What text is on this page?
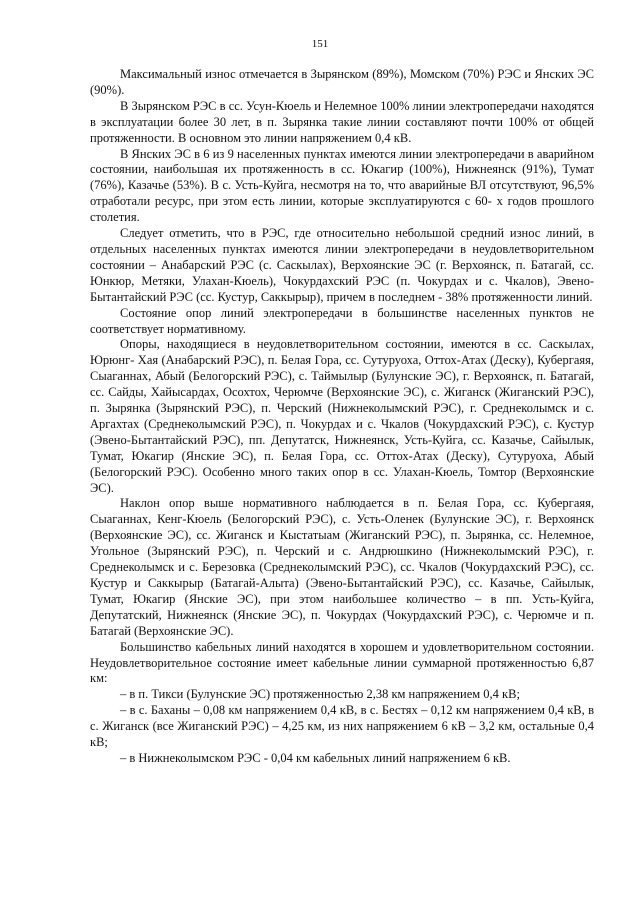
151

Максимальный износ отмечается в Зырянском (89%), Момском (70%) РЭС и Янских ЭС (90%).

В Зырянском РЭС в сс. Усун-Кюель и Нелемное 100% линии электропередачи находятся в эксплуатации более 30 лет, в п. Зырянка такие линии составляют почти 100% от общей протяженности. В основном это линии напряжением 0,4 кВ.

В Янских ЭС в 6 из 9 населенных пунктах имеются линии электропередачи в аварийном состоянии, наибольшая их протяженность в сс. Юкагир (100%), Нижнеянск (91%), Тумат (76%), Казачье (53%). В с. Усть-Куйга, несмотря на то, что аварийные ВЛ отсутствуют, 96,5% отработали ресурс, при этом есть линии, которые эксплуатируются с 60- х годов прошлого столетия.

Следует отметить, что в РЭС, где относительно небольшой средний износ линий, в отдельных населенных пунктах имеются линии электропередачи в неудовлетворительном состоянии – Анабарский РЭС (с. Саскылах), Верхоянские ЭС (г. Верхоянск, п. Батагай, сс. Юнкюр, Метяки, Улахан-Кюель), Чокурдахский РЭС (п. Чокурдах и с. Чкалов), Эвено-Бытантайский РЭС (сс. Кустур, Саккырыр), причем в последнем - 38% протяженности линий.

Состояние опор линий электропередачи в большинстве населенных пунктов не соответствует нормативному.

Опоры, находящиеся в неудовлетворительном состоянии, имеются в сс. Саскылах, Юрюнг- Хая (Анабарский РЭС), п. Белая Гора, сс. Сутуруоха, Оттох-Атах (Деску), Кубергаяя, Сыаганнах, Абый (Белогорский РЭС), с. Таймылыр (Булунские ЭС), г. Верхоянск, п. Батагай, сс. Сайды, Хайысардах, Осохтох, Черюмче (Верхоянские ЭС), с. Жиганск (Жиганский РЭС), п. Зырянка (Зырянский РЭС), п. Черский (Нижнеколымский РЭС), г. Среднеколымск и с. Аргахтах (Среднеколымский РЭС), п. Чокурдах и с. Чкалов (Чокурдахский РЭС), с. Кустур (Эвено-Бытантайский РЭС), пп. Депутатск, Нижнеянск, Усть-Куйга, сс. Казачье, Сайылык, Тумат, Юкагир (Янские ЭС), п. Белая Гора, сс. Оттох-Атах (Деску), Сутуруоха, Абый (Белогорский РЭС). Особенно много таких опор в сс. Улахан-Кюель, Томтор (Верхоянские ЭС).

Наклон опор выше нормативного наблюдается в п. Белая Гора, сс. Кубергаяя, Сыаганнах, Кенг-Кюель (Белогорский РЭС), с. Усть-Оленек (Булунские ЭС), г. Верхоянск (Верхоянские ЭС), сс. Жиганск и Кыстатыам (Жиганский РЭС), п. Зырянка, сс. Нелемное, Угольное (Зырянский РЭС), п. Черский и с. Андрюшкино (Нижнеколымский РЭС), г. Среднеколымск и с. Березовка (Среднеколымский РЭС), сс. Чкалов (Чокурдахский РЭС), сс. Кустур и Саккырыр (Батагай-Алыта) (Эвено-Бытантайский РЭС), сс. Казачье, Сайылык, Тумат, Юкагир (Янские ЭС), при этом наибольшее количество – в пп. Усть-Куйга, Депутатский, Нижнеянск (Янские ЭС), п. Чокурдах (Чокурдахский РЭС), с. Черюмче и п. Батагай (Верхоянские ЭС).

Большинство кабельных линий находятся в хорошем и удовлетворительном состоянии. Неудовлетворительное состояние имеет кабельные линии суммарной протяженностью 6,87 км:

– в п. Тикси (Булунские ЭС) протяженностью 2,38 км напряжением 0,4 кВ;

– в с. Баханы – 0,08 км напряжением 0,4 кВ, в с. Бестях – 0,12 км напряжением 0,4 кВ, в с. Жиганск (все Жиганский РЭС) – 4,25 км, из них напряжением 6 кВ – 3,2 км, остальные 0,4 кВ;

– в Нижнеколымском РЭС - 0,04 км кабельных линий напряжением 6 кВ.
